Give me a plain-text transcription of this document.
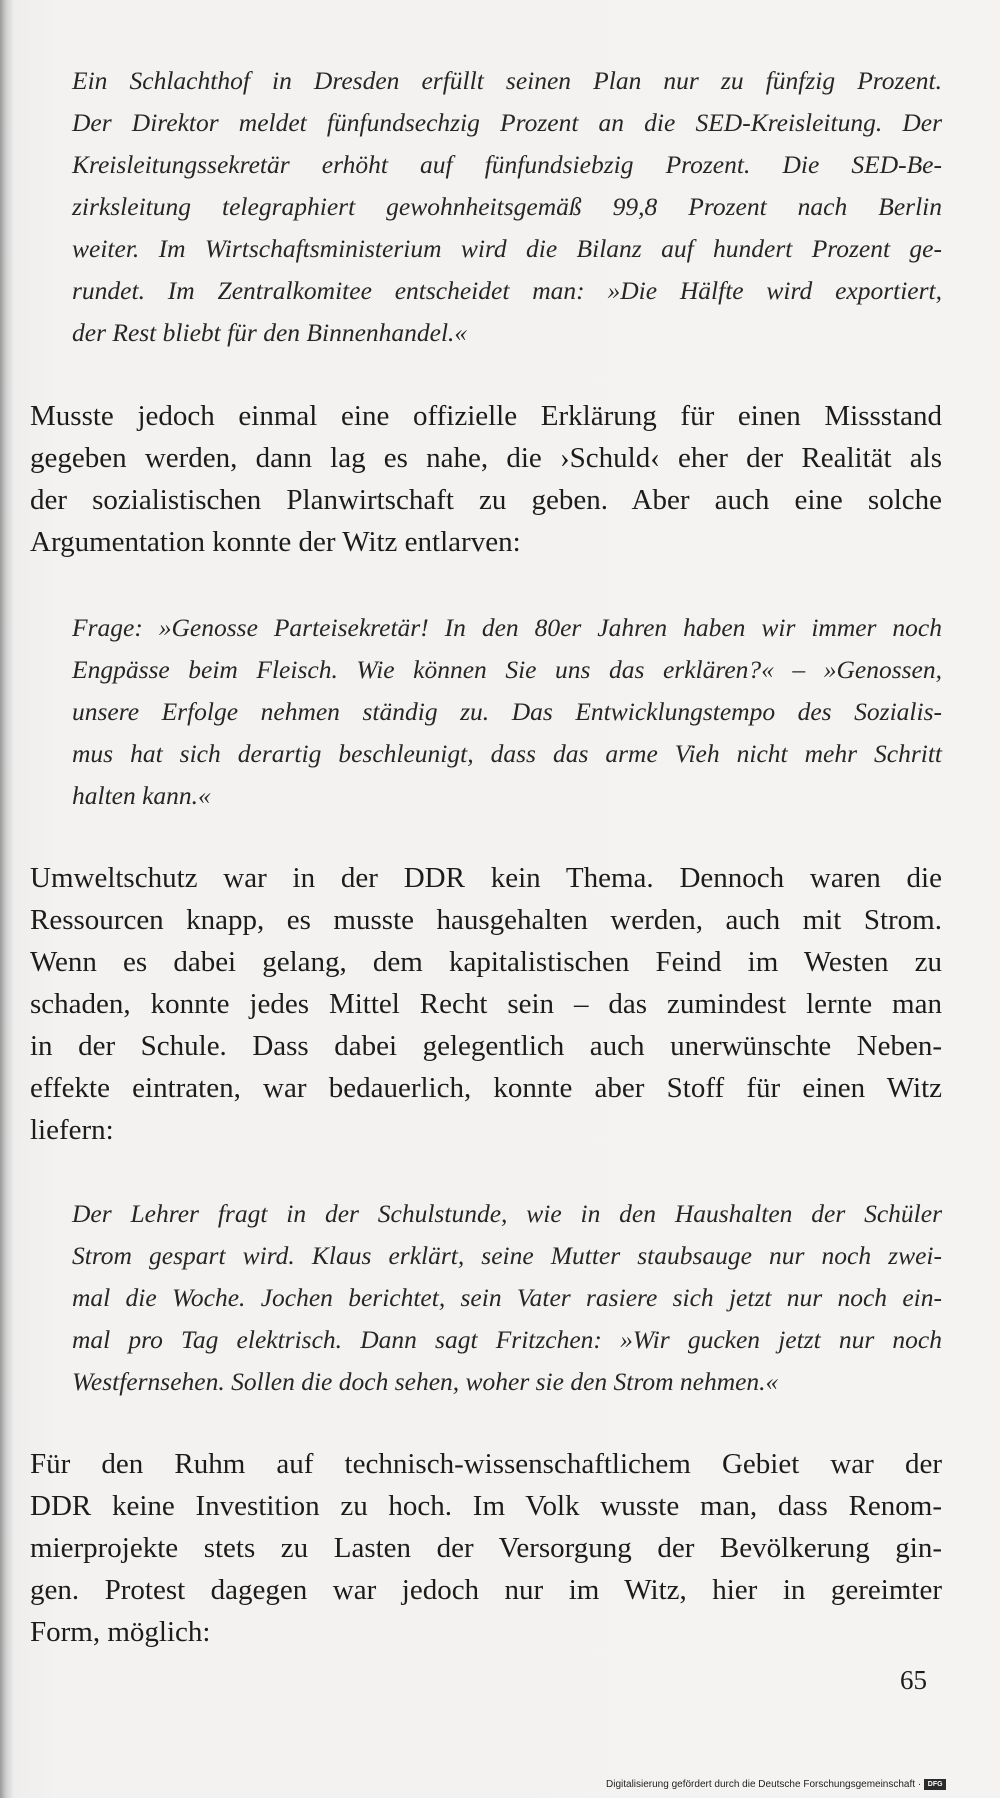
Ein Schlachthof in Dresden erfüllt seinen Plan nur zu fünfzig Prozent.
Der Direktor meldet fünfundsechzig Prozent an die SED-Kreisleitung. Der
Kreisleitungssekretär erhöht auf fünfundsiebzig Prozent. Die SED-Be-
zirksleitung telegraphiert gewohnheitsgemäß 99,8 Prozent nach Berlin
weiter. Im Wirtschaftsministerium wird die Bilanz auf hundert Prozent ge-
rundet. Im Zentralkomitee entscheidet man: »Die Hälfte wird exportiert,
der Rest bliebt für den Binnenhandel.«
Musste jedoch einmal eine offizielle Erklärung für einen Missstand
gegeben werden, dann lag es nahe, die ›Schuld‹ eher der Realität als
der sozialistischen Planwirtschaft zu geben. Aber auch eine solche
Argumentation konnte der Witz entlarven:
Frage: »Genosse Parteisekretär! In den 80er Jahren haben wir immer noch
Engpässe beim Fleisch. Wie können Sie uns das erklären?« – »Genossen,
unsere Erfolge nehmen ständig zu. Das Entwicklungstempo des Sozialis-
mus hat sich derartig beschleunigt, dass das arme Vieh nicht mehr Schritt
halten kann.«
Umweltschutz war in der DDR kein Thema. Dennoch waren die
Ressourcen knapp, es musste hausgehalten werden, auch mit Strom.
Wenn es dabei gelang, dem kapitalistischen Feind im Westen zu
schaden, konnte jedes Mittel Recht sein – das zumindest lernte man
in der Schule. Dass dabei gelegentlich auch unerwünschte Neben-
effekte eintraten, war bedauerlich, konnte aber Stoff für einen Witz
liefern:
Der Lehrer fragt in der Schulstunde, wie in den Haushalten der Schüler
Strom gespart wird. Klaus erklärt, seine Mutter staubsauge nur noch zwei-
mal die Woche. Jochen berichtet, sein Vater rasiere sich jetzt nur noch ein-
mal pro Tag elektrisch. Dann sagt Fritzchen: »Wir gucken jetzt nur noch
Westfernsehen. Sollen die doch sehen, woher sie den Strom nehmen.«
Für den Ruhm auf technisch-wissenschaftlichem Gebiet war der
DDR keine Investition zu hoch. Im Volk wusste man, dass Renom-
mierprojekte stets zu Lasten der Versorgung der Bevölkerung gin-
gen. Protest dagegen war jedoch nur im Witz, hier in gereimter
Form, möglich:
65
Digitalisierung gefördert durch die Deutsche Forschungsgemeinschaft · DFG
